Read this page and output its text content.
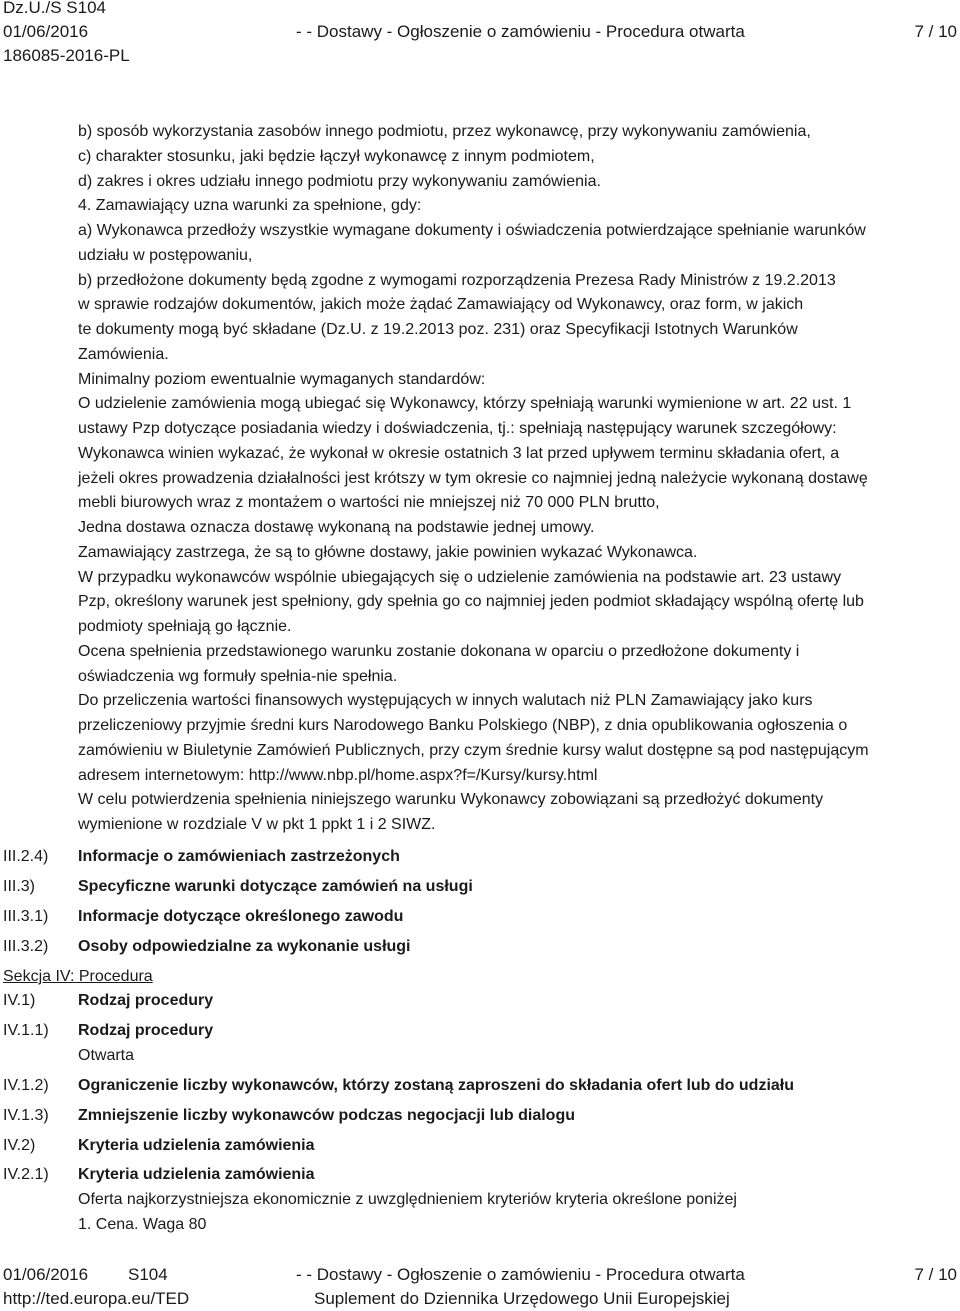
Dz.U./S S104
01/06/2016
186085-2016-PL
- - Dostawy - Ogłoszenie o zamówieniu - Procedura otwarta	7 / 10
b) sposób wykorzystania zasobów innego podmiotu, przez wykonawcę, przy wykonywaniu zamówienia,
c) charakter stosunku, jaki będzie łączył wykonawcę z innym podmiotem,
d) zakres i okres udziału innego podmiotu przy wykonywaniu zamówienia.
4. Zamawiający uzna warunki za spełnione, gdy:
a) Wykonawca przedłoży wszystkie wymagane dokumenty i oświadczenia potwierdzające spełnianie warunków
udziału w postępowaniu,
b) przedłożone dokumenty będą zgodne z wymogami rozporządzenia Prezesa Rady Ministrów z 19.2.2013
w sprawie rodzajów dokumentów, jakich może żądać Zamawiający od Wykonawcy, oraz form, w jakich
te dokumenty mogą być składane (Dz.U. z 19.2.2013 poz. 231) oraz Specyfikacji Istotnych Warunków
Zamówienia.
Minimalny poziom ewentualnie wymaganych standardów:
O udzielenie zamówienia mogą ubiegać się Wykonawcy, którzy spełniają warunki wymienione w art. 22 ust. 1
ustawy Pzp dotyczące posiadania wiedzy i doświadczenia, tj.: spełniają następujący warunek szczegółowy:
Wykonawca winien wykazać, że wykonał w okresie ostatnich 3 lat przed upływem terminu składania ofert, a
jeżeli okres prowadzenia działalności jest krótszy w tym okresie co najmniej jedną należycie wykonaną dostawę
mebli biurowych wraz z montażem o wartości nie mniejszej niż 70 000 PLN brutto,
Jedna dostawa oznacza dostawę wykonaną na podstawie jednej umowy.
Zamawiający zastrzega, że są to główne dostawy, jakie powinien wykazać Wykonawca.
W przypadku wykonawców wspólnie ubiegających się o udzielenie zamówienia na podstawie art. 23 ustawy
Pzp, określony warunek jest spełniony, gdy spełnia go co najmniej jeden podmiot składający wspólną ofertę lub
podmioty spełniają go łącznie.
Ocena spełnienia przedstawionego warunku zostanie dokonana w oparciu o przedłożone dokumenty i
oświadczenia wg formuły spełnia-nie spełnia.
Do przeliczenia wartości finansowych występujących w innych walutach niż PLN Zamawiający jako kurs
przeliczeniowy przyjmie średni kurs Narodowego Banku Polskiego (NBP), z dnia opublikowania ogłoszenia o
zamówieniu w Biuletynie Zamówień Publicznych, przy czym średnie kursy walut dostępne są pod następującym
adresem internetowym: http://www.nbp.pl/home.aspx?f=/Kursy/kursy.html
W celu potwierdzenia spełnienia niniejszego warunku Wykonawcy zobowiązani są przedłożyć dokumenty
wymienione w rozdziale V w pkt 1 ppkt 1 i 2 SIWZ.
III.2.4) Informacje o zamówieniach zastrzeżonych
III.3)	Specyficzne warunki dotyczące zamówień na usługi
III.3.1) Informacje dotyczące określonego zawodu
III.3.2) Osoby odpowiedzialne za wykonanie usługi
Sekcja IV: Procedura
IV.1)	Rodzaj procedury
IV.1.1) Rodzaj procedury
Otwarta
IV.1.2) Ograniczenie liczby wykonawców, którzy zostaną zaproszeni do składania ofert lub do udziału
IV.1.3) Zmniejszenie liczby wykonawców podczas negocjacji lub dialogu
IV.2)	Kryteria udzielenia zamówienia
IV.2.1) Kryteria udzielenia zamówienia
Oferta najkorzystniejsza ekonomicznie z uwzględnieniem kryteriów kryteria określone poniżej
1. Cena. Waga 80
01/06/2016 S104	- - Dostawy - Ogłoszenie o zamówieniu - Procedura otwarta	7 / 10
http://ted.europa.eu/TED	Suplement do Dziennika Urzędowego Unii Europejskiej
